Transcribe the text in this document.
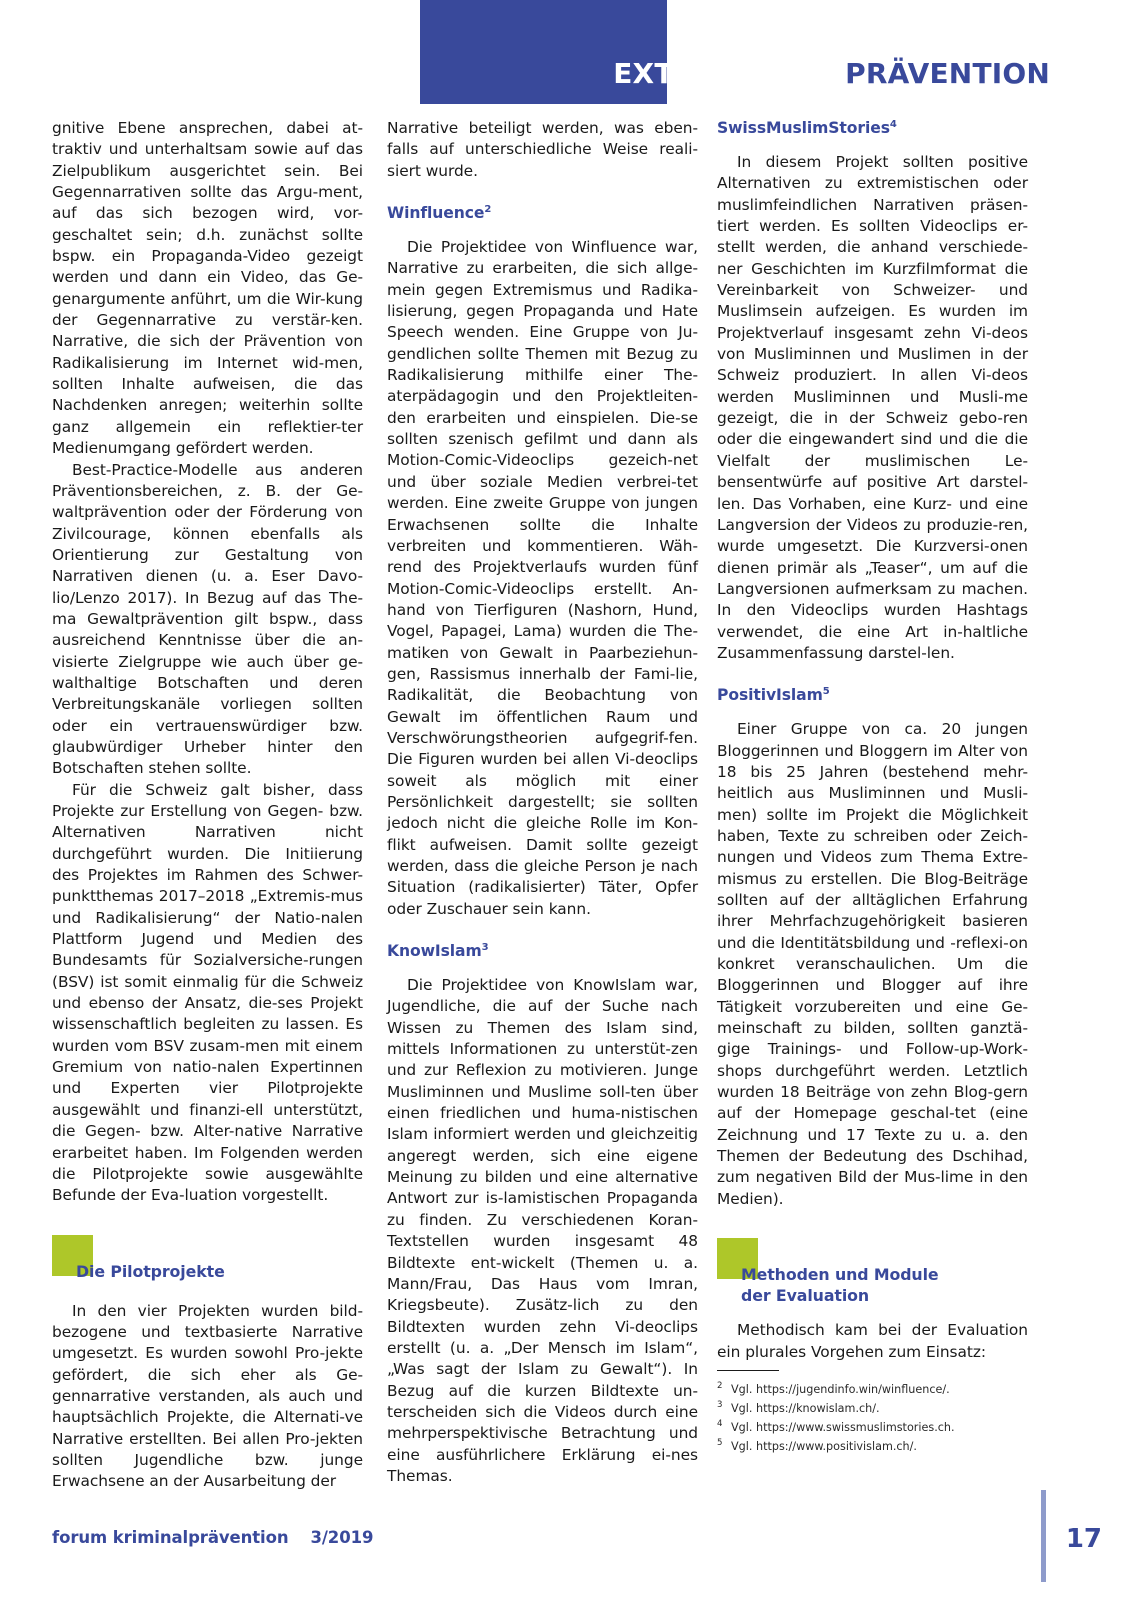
EXTREMISMUSPRÄVENTION

gnitive Ebene ansprechen, dabei at-traktiv und unterhaltsam sowie auf das Zielpublikum ausgerichtet sein. Bei Gegennarrativen sollte das Argu-ment, auf das sich bezogen wird, vor-geschaltet sein; d.h. zunächst sollte bspw. ein Propaganda-Video gezeigt werden und dann ein Video, das Ge-genargumente anführt, um die Wir-kung der Gegennarrative zu verstär-ken. Narrative, die sich der Prävention von Radikalisierung im Internet wid-men, sollten Inhalte aufweisen, die das Nachdenken anregen; weiterhin sollte ganz allgemein ein reflektier-ter Medienumgang gefördert werden.

Best-Practice-Modelle aus anderen Präventionsbereichen, z. B. der Ge-waltprävention oder der Förderung von Zivilcourage, können ebenfalls als Orientierung zur Gestaltung von Narrativen dienen (u. a. Eser Davo-lio/Lenzo 2017). In Bezug auf das The-ma Gewaltprävention gilt bspw., dass ausreichend Kenntnisse über die an-visierte Zielgruppe wie auch über ge-walthaltige Botschaften und deren Verbreitungskanäle vorliegen sollten oder ein vertrauenswürdiger bzw. glaubwürdiger Urheber hinter den Botschaften stehen sollte.

Für die Schweiz galt bisher, dass Projekte zur Erstellung von Gegen- bzw. Alternativen Narrativen nicht durchgeführt wurden. Die Initiierung des Projektes im Rahmen des Schwer-punktthemas 2017–2018 „Extremis-mus und Radikalisierung“ der Natio-nalen Plattform Jugend und Medien des Bundesamts für Sozialversiche-rungen (BSV) ist somit einmalig für die Schweiz und ebenso der Ansatz, die-ses Projekt wissenschaftlich begleiten zu lassen. Es wurden vom BSV zusam-men mit einem Gremium von natio-nalen Expertinnen und Experten vier Pilotprojekte ausgewählt und finanzi-ell unterstützt, die Gegen- bzw. Alter-native Narrative erarbeitet haben. Im Folgenden werden die Pilotprojekte sowie ausgewählte Befunde der Eva-luation vorgestellt.

Die Pilotprojekte

In den vier Projekten wurden bild-bezogene und textbasierte Narrative umgesetzt. Es wurden sowohl Pro-jekte gefördert, die sich eher als Ge-gennarrative verstanden, als auch und hauptsächlich Projekte, die Alternati-ve Narrative erstellten. Bei allen Pro-jekten sollten Jugendliche bzw. junge Erwachsene an der Ausarbeitung der

Narrative beteiligt werden, was eben-falls auf unterschiedliche Weise reali-siert wurde.

Winfluence$^2$

Die Projektidee von Winfluence war, Narrative zu erarbeiten, die sich allge-mein gegen Extremismus und Radika-lisierung, gegen Propaganda und Hate Speech wenden. Eine Gruppe von Ju-gendlichen sollte Themen mit Bezug zu Radikalisierung mithilfe einer The-aterpädagogin und den Projektleiten-den erarbeiten und einspielen. Die-se sollten szenisch gefilmt und dann als Motion-Comic-Videoclips gezeich-net und über soziale Medien verbrei-tet werden. Eine zweite Gruppe von jungen Erwachsenen sollte die Inhalte verbreiten und kommentieren. Wäh-rend des Projektverlaufs wurden fünf Motion-Comic-Videoclips erstellt. An-hand von Tierfiguren (Nashorn, Hund, Vogel, Papagei, Lama) wurden die The-matiken von Gewalt in Paarbeziehun-gen, Rassismus innerhalb der Fami-lie, Radikalität, die Beobachtung von Gewalt im öffentlichen Raum und Verschwörungstheorien aufgegrif-fen. Die Figuren wurden bei allen Vi-deoclips soweit als möglich mit einer Persönlichkeit dargestellt; sie sollten jedoch nicht die gleiche Rolle im Kon-flikt aufweisen. Damit sollte gezeigt werden, dass die gleiche Person je nach Situation (radikalisierter) Täter, Opfer oder Zuschauer sein kann.

KnowIslam$^3$

Die Projektidee von KnowIslam war, Jugendliche, die auf der Suche nach Wissen zu Themen des Islam sind, mittels Informationen zu unterstüt-zen und zur Reflexion zu motivieren. Junge Musliminnen und Muslime soll-ten über einen friedlichen und huma-nistischen Islam informiert werden und gleichzeitig angeregt werden, sich eine eigene Meinung zu bilden und eine alternative Antwort zur is-lamistischen Propaganda zu finden. Zu verschiedenen Koran-Textstellen wurden insgesamt 48 Bildtexte ent-wickelt (Themen u. a. Mann/Frau, Das Haus vom Imran, Kriegsbeute). Zusätz-lich zu den Bildtexten wurden zehn Vi-deoclips erstellt (u. a. „Der Mensch im Islam“, „Was sagt der Islam zu Gewalt“). In Bezug auf die kurzen Bildtexte un-terscheiden sich die Videos durch eine mehrperspektivische Betrachtung und eine ausführlichere Erklärung ei-nes Themas.

SwissMuslimStories$^4$

In diesem Projekt sollten positive Alternativen zu extremistischen oder muslimfeindlichen Narrativen präsen-tiert werden. Es sollten Videoclips er-stellt werden, die anhand verschiede-ner Geschichten im Kurzfilmformat die Vereinbarkeit von Schweizer- und Muslimsein aufzeigen. Es wurden im Projektverlauf insgesamt zehn Vi-deos von Musliminnen und Muslimen in der Schweiz produziert. In allen Vi-deos werden Musliminnen und Musli-me gezeigt, die in der Schweiz gebo-ren oder die eingewandert sind und die die Vielfalt der muslimischen Le-bensentwürfe auf positive Art darstel-len. Das Vorhaben, eine Kurz- und eine Langversion der Videos zu produzie-ren, wurde umgesetzt. Die Kurzversi-onen dienen primär als „Teaser“, um auf die Langversionen aufmerksam zu machen. In den Videoclips wurden Hashtags verwendet, die eine Art in-haltliche Zusammenfassung darstel-len.

PositivIslam$^5$

Einer Gruppe von ca. 20 jungen Bloggerinnen und Bloggern im Alter von 18 bis 25 Jahren (bestehend mehr-heitlich aus Musliminnen und Musli-men) sollte im Projekt die Möglichkeit haben, Texte zu schreiben oder Zeich-nungen und Videos zum Thema Extre-mismus zu erstellen. Die Blog-Beiträge sollten auf der alltäglichen Erfahrung ihrer Mehrfachzugehörigkeit basieren und die Identitätsbildung und -reflexi-on konkret veranschaulichen. Um die Bloggerinnen und Blogger auf ihre Tätigkeit vorzubereiten und eine Ge-meinschaft zu bilden, sollten ganztä-gige Trainings- und Follow-up-Work-shops durchgeführt werden. Letztlich wurden 18 Beiträge von zehn Blog-gern auf der Homepage geschal-tet (eine Zeichnung und 17 Texte zu u. a. den Themen der Bedeutung des Dschihad, zum negativen Bild der Mus-lime in den Medien).

Methoden und Module
der Evaluation

Methodisch kam bei der Evaluation ein plurales Vorgehen zum Einsatz:

$^2$ Vgl. https://jugendinfo.win/winfluence/.
$^3$ Vgl. https://knowislam.ch/.
$^4$ Vgl. https://www.swissmuslimstories.ch.
$^5$ Vgl. https://www.positivislam.ch/.
forum kriminalprävention 3/2019	17
